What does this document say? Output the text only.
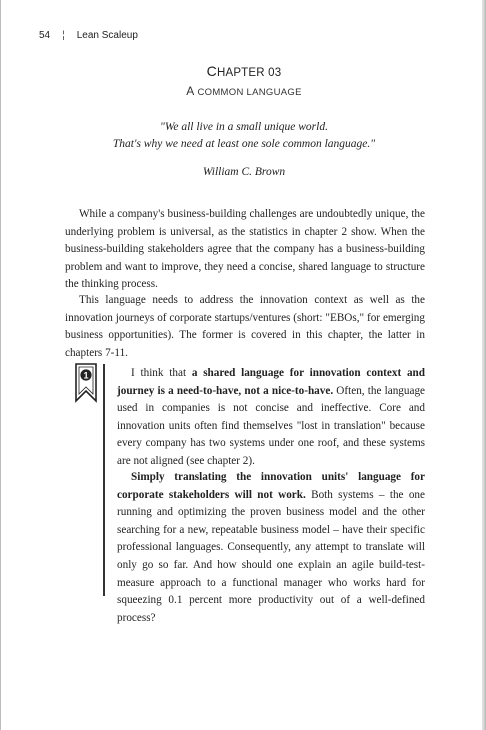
54 ¦ Lean Scaleup
CHAPTER 03
A COMMON LANGUAGE
"We all live in a small unique world.
That's why we need at least one sole common language."
William C. Brown

While a company's business-building challenges are undoubtedly unique, the underlying problem is universal, as the statistics in chapter 2 show. When the business-building stakeholders agree that the company has a business-building problem and want to improve, they need a concise, shared language to structure the thinking process.

This language needs to address the innovation context as well as the innovation journeys of corporate startups/ventures (short: "EBOs," for emerging business opportunities). The former is covered in this chapter, the latter in chapters 7-11.

1	I think that a shared language for innovation context and journey is a need-to-have, not a nice-to-have. Often, the language used in companies is not concise and ineffective. Core and innovation units often find themselves "lost in translation" because every company has two systems under one roof, and these systems are not aligned (see chapter 2).

Simply translating the innovation units' language for corporate stakeholders will not work. Both systems – the one running and optimizing the proven business model and the other searching for a new, repeatable business model – have their specific professional languages. Consequently, any attempt to translate will only go so far. And how should one explain an agile build-test-measure approach to a functional manager who works hard for squeezing 0.1 percent more productivity out of a well-defined process?
